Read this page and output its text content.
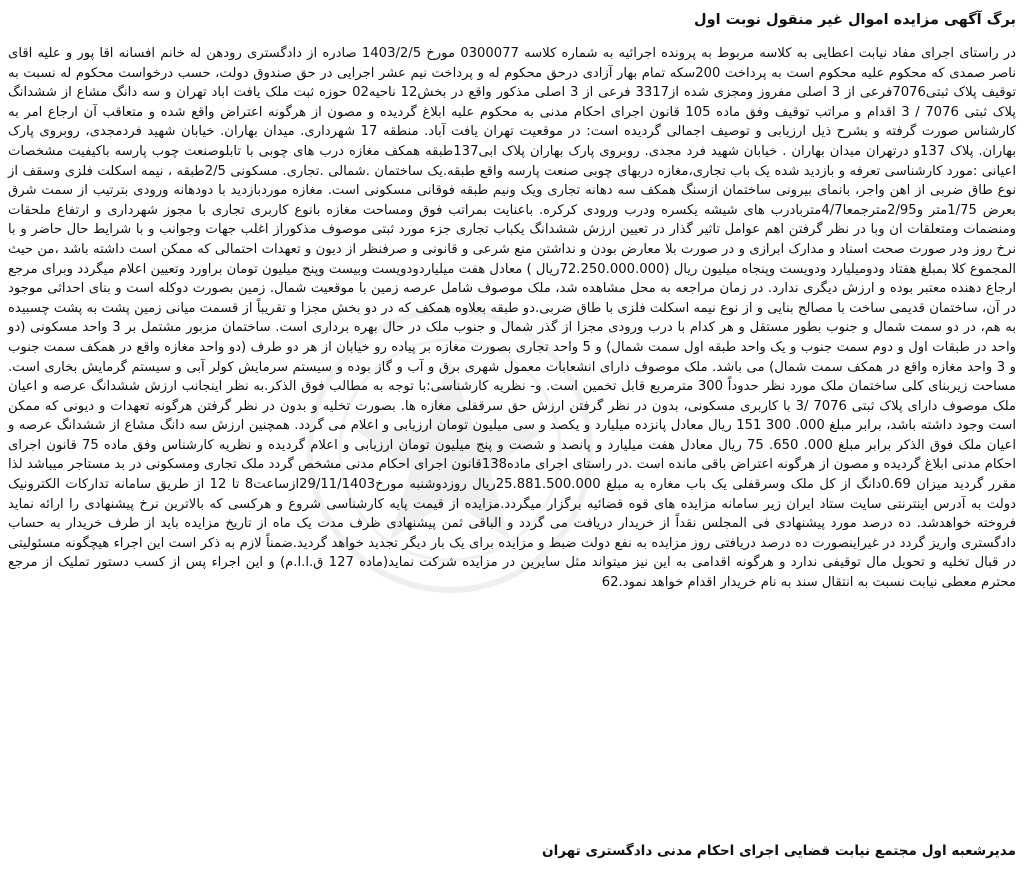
برگ آگهی مزایده اموال غیر منقول نوبت اول

در راستای اجرای مفاد نیابت اعطایی به کلاسه مربوط به پرونده اجرائیه به شماره کلاسه 0300077 مورخ 1403/2/5 صادره از دادگستری رودهن له خانم افسانه اقا پور و علیه اقای ناصر صمدی که محکوم علیه محکوم است به پرداخت 200سکه تمام بهار آزادی درحق محکوم له و پرداخت نیم عشر اجرایی در حق صندوق دولت، حسب درخواست محکوم له نسبت به توقیف پلاک ثبتی7076فرعی از 3 اصلی مفروز ومجزی شده از3317 فرعی از 3 اصلی مذکور واقع در بخش12 ناحیه02 حوزه ثبت ملک یافت اباد تهران و سه دانگ مشاع از ششدانگ پلاک ثبتی 7076 / 3 اقدام و مراتب توقیف وفق ماده 105 قانون اجرای احکام مدنی به محکوم علیه ابلاغ گردیده و مصون از هرگونه اعتراض واقع شده و متعاقب آن ارجاع امر به کارشناس صورت گرفته و بشرح ذیل ارزیابی و توصیف اجمالی گردیده است: در موقعیت تهران یافت آباد. منطقه 17 شهرداری. میدان بهاران. خیابان شهید فردمجدی، روبروی پارک بهاران. پلاک 137و درتهران میدان بهاران . خیابان شهید فرد مجدی. روبروی پارک بهاران پلاک ابی137طبقه همکف مغازه درب های چوبی با تابلوصنعت چوب پارسه باکیفیت مشخصات اعیانی :مورد کارشناسی تعرفه و بازدید شده یک باب تجاری،مغازه دربهای چوبی صنعت پارسه واقع طبقه.یک ساختمان .شمالی .تجاری. مسکونی 2/5طبقه ، نیمه اسکلت فلزی وسقف از نوع طاق ضربی از اهن واجر، بانمای بیرونی ساختمان ازسنگ همکف سه دهانه تجاری ویک ونیم طبقه فوقانی مسکونی است. مغازه موردبازدید با دودهانه ورودی بترتیب از سمت شرق بعرض 1/75متر و2/95مترجمعا4/7متربادرب های شیشه یکسره ودرب ورودی کرکره. باعنایت بمراتب فوق ومساحت مغازه بانوع کاربری تجاری با مجوز شهرداری و ارتفاع ملحقات ومنضمات ومتعلقات ان وبا در نظر گرفتن اهم عوامل تاثیر گذار در تعیین ارزش ششدانگ یکباب تجاری جزء مورد ثبتی موصوف مذکوراز اغلب جهات وجوانب و با شرایط حال حاضر و با نرخ روز ودر صورت صحت اسناد و مدارک ابرازی و در صورت بلا معارض بودن و نداشتن منع شرعی و قانونی و صرفنظر از دیون و تعهدات احتمالی که ممکن است داشته باشد ،من حیث المجموع کلا بمبلغ هفتاد ودومیلیارد ودویست وپنجاه میلیون ریال (72.250.000.000ریال ) معادل هفت میلیاردودویست وبیست وپنج میلیون تومان براورد وتعیین اعلام میگردد وبرای مرجع ارجاع دهنده معتبر بوده و ارزش دیگری ندارد. در زمان مراجعه به محل مشاهده شد، ملک موصوف شامل عرصه زمین با موقعیت شمال. زمین بصورت دوکله است و بنای احداثی موجود در آن، ساختمان قدیمی ساخت با مصالح بنایی و از نوع نیمه اسکلت فلزی با طاق ضربی.دو طبقه بعلاوه همکف که در دو بخش مجزا و تقریباً از قسمت میانی زمین پشت به پشت چسبیده به هم، در دو سمت شمال و جنوب بطور مستقل و هر کدام با درب ورودی مجزا از گذر شمال و جنوب ملک در حال بهره برداری است. ساختمان مزبور مشتمل بر 3 واحد مسکونی (دو واحد در طبقات اول و دوم سمت جنوب و یک واحد طبقه اول سمت شمال) و 5 واحد تجاری بصورت مغازه بر پیاده رو خیابان از هر دو طرف (دو واحد مغازه واقع در همکف سمت جنوب و 3 واحد مغازه واقع در همکف سمت شمال) می باشد. ملک موصوف دارای انشعابات معمول شهری برق و آب و گاز بوده و سیستم سرمایش کولر آبی و سیستم گرمایش بخاری است. مساحت زیربنای کلی ساختمان ملک مورد نظر حدوداً 300 مترمربع قابل تخمین است. و- نظریه کارشناسی:با توجه به مطالب فوق الذکر.به نظر اینجانب ارزش ششدانگ عرصه و اعیان ملک موصوف دارای پلاک ثبتی 7076 /3 با کاربری مسکونی، بدون در نظر گرفتن ارزش حق سرقفلی مغازه ها. بصورت تخلیه و بدون در نظر گرفتن هرگونه تعهدات و دیونی که ممکن است وجود داشته باشد، برابر مبلغ 000. 300 151 ریال معادل پانزده میلیارد و یکصد و سی میلیون تومان ارزیابی و اعلام می گردد. همچنین ارزش سه دانگ مشاع از ششدانگ عرصه و اعیان ملک فوق الذکر برابر مبلغ 000. 650. 75 ریال معادل هفت میلیارد و پانصد و شصت و پنج میلیون تومان ارزیابی و اعلام گردیده و نظریه کارشناس وفق ماده 75 قانون اجرای احکام مدنی ابلاغ گردیده و مصون از هرگونه اعتراض باقی مانده است .در راستای اجرای ماده138قانون اجرای احکام مدنی مشخص گردد ملک تجاری ومسکونی در بد مستاجر میباشد لذا مقرر گردید میزان 0.69دانگ از کل ملک وسرقفلی یک باب مغاره به مبلغ 25.881.500.000ریال روزدوشنبه مورخ29/11/1403ازساعت8 تا 12 از طریق سامانه تدارکات الکترونیک دولت به آدرس اینترنتی سایت ستاد ایران زیر سامانه مزایده های قوه قضائیه برگزار میگردد.مزایده از قیمت پایه کارشناسی شروع و هرکسی که بالاترین نرخ پیشنهادی را ارائه نماید فروخته خواهدشد. ده درصد مورد پیشنهادی فی المجلس نقداً از خریدار دریافت می گردد و الباقی ثمن پیشنهادی ظرف مدت یک ماه از تاریخ مزایده باید از طرف خریدار به حساب دادگستری واریز گردد در غیراینصورت ده درصد دریافتی روز مزایده به نفع دولت ضبط و مزایده برای یک بار دیگر تجدید خواهد گردید.ضمناً لازم به ذکر است این اجراء هیچگونه مسئولیتی در قبال تخلیه و تحویل مال توقیفی ندارد و هرگونه اقدامی به این نیز میتواند مثل سایرین در مزایده شرکت نماید(ماده 127 ق.ا.ا.م) و این اجراء پس از کسب دستور تملیک از مرجع محترم معطی نیابت نسبت به انتقال سند به نام خریدار اقدام خواهد نمود.62

مدیرشعبه اول مجتمع نیابت قضایی اجرای احکام مدنی دادگستری تهران
